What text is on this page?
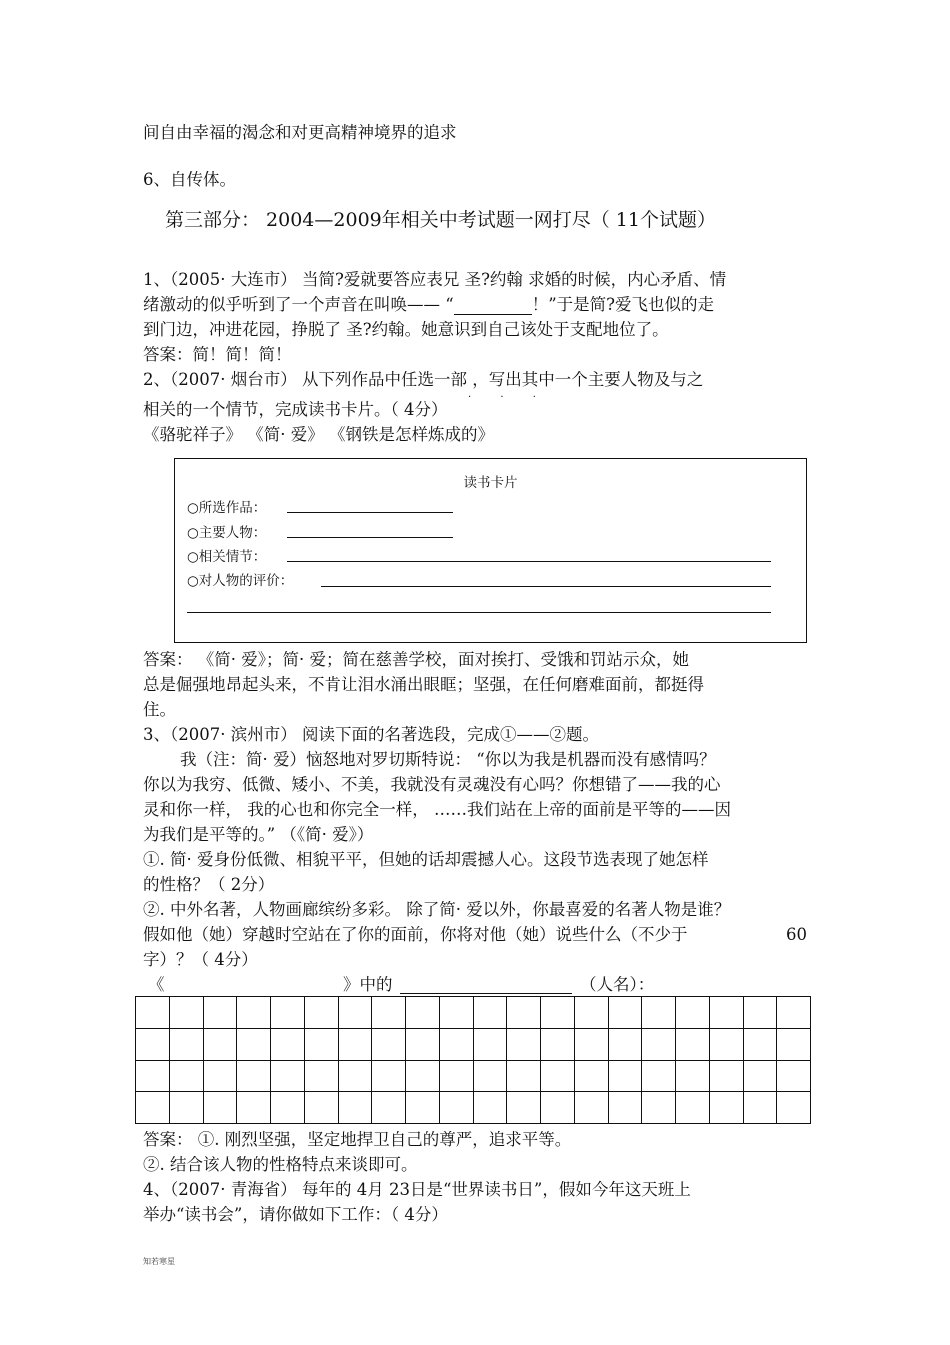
间自由幸福的渴念和对更高精神境界的追求
6、自传体。
第三部分： 2004—2009年相关中考试题一网打尽（ 11个试题）
1、（2005· 大连市） 当简?爱就要答应表兄 圣?约翰 求婚的时候，内心矛盾、情
绪激动的似乎听到了一个声音在叫唤—— “	！”于是简?爱飞也似的走
到门边，冲进花园，挣脱了 圣?约翰。她意识到自己该处于支配地位了。
答案：简！简！简！
2、（2007· 烟台市） 从下列作品中任选一部 ，写出其中一个主要人物及与之
· · ·
相关的一个情节，完成读书卡片。（ 4分）
《骆驼祥子》 《简· 爱》 《钢铁是怎样炼成的》
读书卡片
○所选作品：
○主要人物：
○相关情节：
○对人物的评价：
答案： 《简· 爱》；简· 爱；简在慈善学校，面对挨打、受饿和罚站示众，她
总是倔强地昂起头来，不肯让泪水涌出眼眶；坚强，在任何磨难面前，都挺得
住。
3、（2007· 滨州市） 阅读下面的名著选段，完成①——②题。
我（注：简· 爱）恼怒地对罗切斯特说： “你以为我是机器而没有感情吗？
你以为我穷、低微、矮小、不美，我就没有灵魂没有心吗？你想错了——我的心
灵和你一样， 我的心也和你完全一样， ……我们站在上帝的面前是平等的——因
为我们是平等的。” （《简· 爱》）
①. 简· 爱身份低微、相貌平平，但她的话却震撼人心。这段节选表现了她怎样
的性格？（ 2分）
②. 中外名著，人物画廊缤纷多彩。 除了简· 爱以外，你最喜爱的名著人物是谁？
假如他（她）穿越时空站在了你的面前，你将对他（她）说些什么（不少于	60
字）？（ 4分）
《	》中的	（人名）：
答案： ①. 刚烈坚强，坚定地捍卫自己的尊严，追求平等。
②. 结合该人物的性格特点来谈即可。
4、（2007· 青海省） 每年的 4月 23日是“世界读书日”，假如今年这天班上
举办“读书会”，请你做如下工作：（ 4分）
知若寒星
